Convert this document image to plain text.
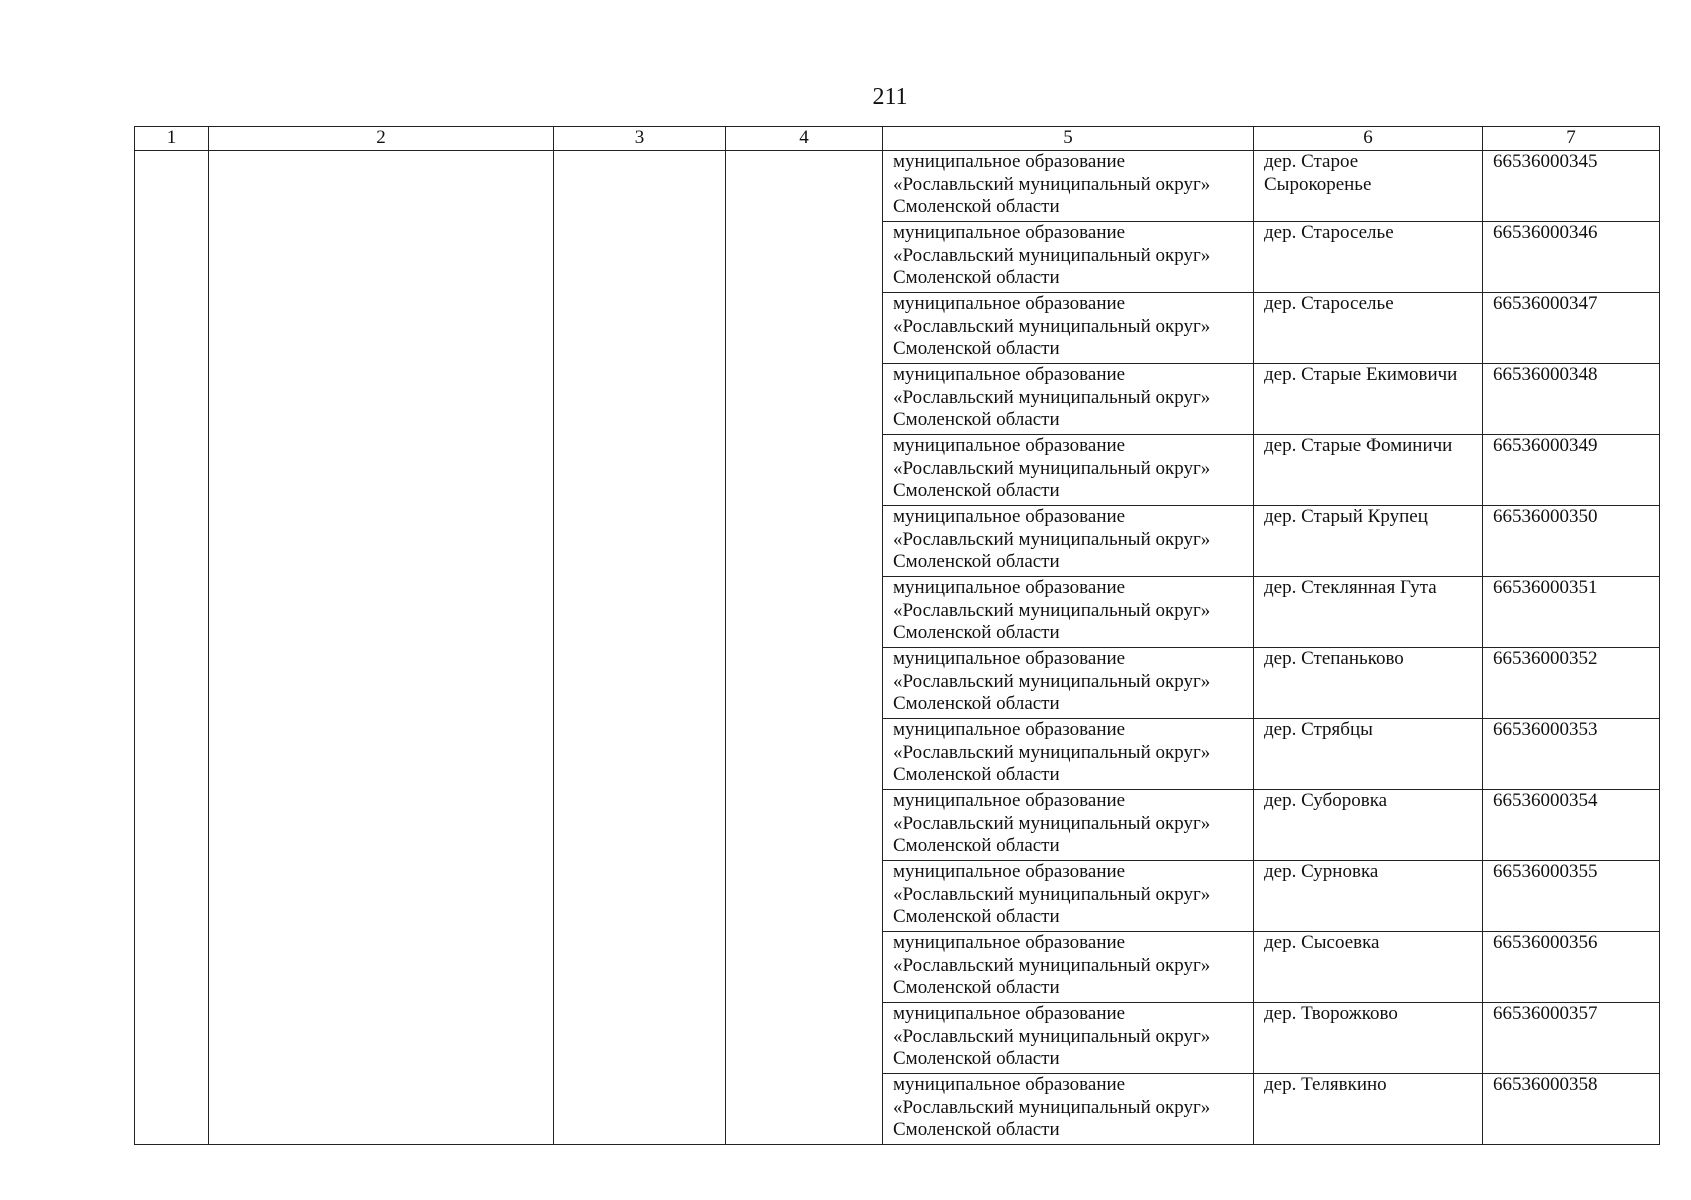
211
1	2	3	4	5	6	7

				муниципальное образование
«Рославльский муниципальный округ»
Смоленской области	дер. Старое
Сырокоренье	66536000345

				муниципальное образование
«Рославльский муниципальный округ»
Смоленской области	дер. Староселье	66536000346

				муниципальное образование
«Рославльский муниципальный округ»
Смоленской области	дер. Староселье	66536000347

				муниципальное образование
«Рославльский муниципальный округ»
Смоленской области	дер. Старые Екимовичи	66536000348

				муниципальное образование
«Рославльский муниципальный округ»
Смоленской области	дер. Старые Фоминичи	66536000349

				муниципальное образование
«Рославльский муниципальный округ»
Смоленской области	дер. Старый Крупец	66536000350

				муниципальное образование
«Рославльский муниципальный округ»
Смоленской области	дер. Стеклянная Гута	66536000351

				муниципальное образование
«Рославльский муниципальный округ»
Смоленской области	дер. Степаньково	66536000352

				муниципальное образование
«Рославльский муниципальный округ»
Смоленской области	дер. Стрябцы	66536000353

				муниципальное образование
«Рославльский муниципальный округ»
Смоленской области	дер. Суборовка	66536000354

				муниципальное образование
«Рославльский муниципальный округ»
Смоленской области	дер. Сурновка	66536000355

				муниципальное образование
«Рославльский муниципальный округ»
Смоленской области	дер. Сысоевка	66536000356

				муниципальное образование
«Рославльский муниципальный округ»
Смоленской области	дер. Творожково	66536000357

				муниципальное образование
«Рославльский муниципальный округ»
Смоленской области	дер. Телявкино	66536000358
